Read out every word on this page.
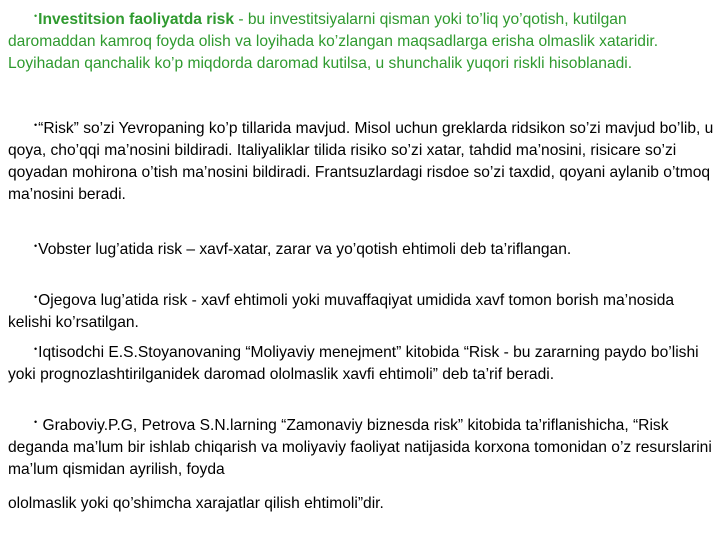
•Investitsion faoliyatda risk - bu investitsiyalarni qisman yoki to’liq yo’qotish, kutilgan daromaddan kamroq foyda olish va loyihada ko’zlangan maqsadlarga erisha olmaslik xataridir. Loyihadan qanchalik ko’p miqdorda daromad kutilsa, u shunchalik yuqori riskli hisoblanadi.

•“Risk” so’zi Yevropaning ko’p tillarida mavjud. Misol uchun greklarda ridsikon so’zi mavjud bo’lib, u qoya, cho’qqi ma’nosini bildiradi. Italiyaliklar tilida risiko so’zi xatar, tahdid ma’nosini, risicare so’zi qoyadan mohirona o’tish ma’nosini bildiradi. Frantsuzlardagi risdoe so’zi taxdid, qoyani aylanib o’tmoq ma’nosini beradi.

•Vobster lug’atida risk – xavf-xatar, zarar va yo’qotish ehtimoli deb ta’riflangan.

•Ojegova lug’atida risk - xavf ehtimoli yoki muvaffaqiyat umidida xavf tomon borish ma’nosida kelishi ko’rsatilgan.

•Iqtisodchi E.S.Stoyanovaning “Moliyaviy menejment” kitobida “Risk - bu zararning paydo bo’lishi yoki prognozlashtirilganidek daromad ololmaslik xavfi ehtimoli” deb ta’rif beradi.

• Graboviy.P.G, Petrova S.N.larning “Zamonaviy biznesda risk” kitobida ta’riflanishicha, “Risk deganda ma’lum bir ishlab chiqarish va moliyaviy faoliyat natijasida korxona tomonidan o’z resurslarini ma’lum qismidan ayrilish, foyda
ololmaslik yoki qo’shimcha xarajatlar qilish ehtimoli”dir.
